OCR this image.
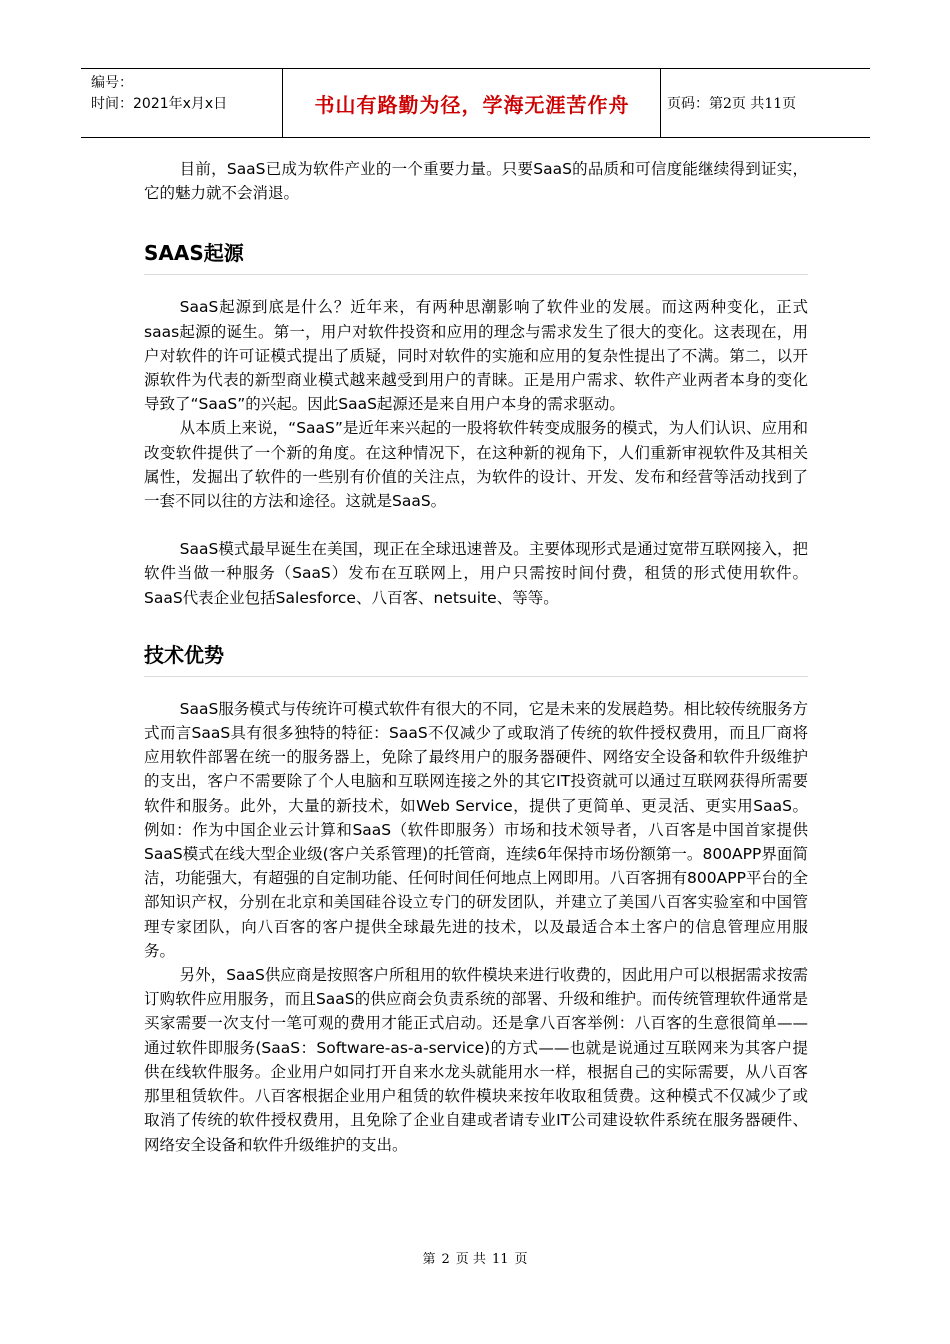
编号：
时间：2021年x月x日	书山有路勤为径，学海无涯苦作舟	页码：第2页 共11页

目前，SaaS已成为软件产业的一个重要力量。只要SaaS的品质和可信度能继续得到证实，它的魅力就不会消退。

SAAS起源

SaaS起源到底是什么？近年来，有两种思潮影响了软件业的发展。而这两种变化，正式saas起源的诞生。第一，用户对软件投资和应用的理念与需求发生了很大的变化。这表现在，用户对软件的许可证模式提出了质疑，同时对软件的实施和应用的复杂性提出了不满。第二，以开源软件为代表的新型商业模式越来越受到用户的青睐。正是用户需求、软件产业两者本身的变化导致了“SaaS”的兴起。因此SaaS起源还是来自用户本身的需求驱动。

从本质上来说，“SaaS”是近年来兴起的一股将软件转变成服务的模式，为人们认识、应用和改变软件提供了一个新的角度。在这种情况下，在这种新的视角下，人们重新审视软件及其相关属性，发掘出了软件的一些别有价值的关注点，为软件的设计、开发、发布和经营等活动找到了一套不同以往的方法和途径。这就是SaaS。

SaaS模式最早诞生在美国，现正在全球迅速普及。主要体现形式是通过宽带互联网接入，把软件当做一种服务（SaaS）发布在互联网上，用户只需按时间付费，租赁的形式使用软件。SaaS代表企业包括Salesforce、八百客、netsuite、等等。

技术优势

SaaS服务模式与传统许可模式软件有很大的不同，它是未来的发展趋势。相比较传统服务方式而言SaaS具有很多独特的特征：SaaS不仅减少了或取消了传统的软件授权费用，而且厂商将应用软件部署在统一的服务器上，免除了最终用户的服务器硬件、网络安全设备和软件升级维护的支出，客户不需要除了个人电脑和互联网连接之外的其它IT投资就可以通过互联网获得所需要软件和服务。此外，大量的新技术，如Web Service，提供了更简单、更灵活、更实用SaaS。 例如：作为中国企业云计算和SaaS（软件即服务）市场和技术领导者，八百客是中国首家提供SaaS模式在线大型企业级(客户关系管理)的托管商，连续6年保持市场份额第一。800APP界面简洁，功能强大，有超强的自定制功能、任何时间任何地点上网即用。八百客拥有800APP平台的全部知识产权，分别在北京和美国硅谷设立专门的研发团队，并建立了美国八百客实验室和中国管理专家团队，向八百客的客户提供全球最先进的技术，以及最适合本土客户的信息管理应用服务。

另外，SaaS供应商是按照客户所租用的软件模块来进行收费的，因此用户可以根据需求按需订购软件应用服务，而且SaaS的供应商会负责系统的部署、升级和维护。而传统管理软件通常是买家需要一次支付一笔可观的费用才能正式启动。还是拿八百客举例：八百客的生意很简单——通过软件即服务(SaaS：Software-as-a-service)的方式——也就是说通过互联网来为其客户提供在线软件服务。企业用户如同打开自来水龙头就能用水一样，根据自己的实际需要，从八百客那里租赁软件。八百客根据企业用户租赁的软件模块来按年收取租赁费。这种模式不仅减少了或取消了传统的软件授权费用，且免除了企业自建或者请专业IT公司建设软件系统在服务器硬件、网络安全设备和软件升级维护的支出。

第 2 页 共 11 页
